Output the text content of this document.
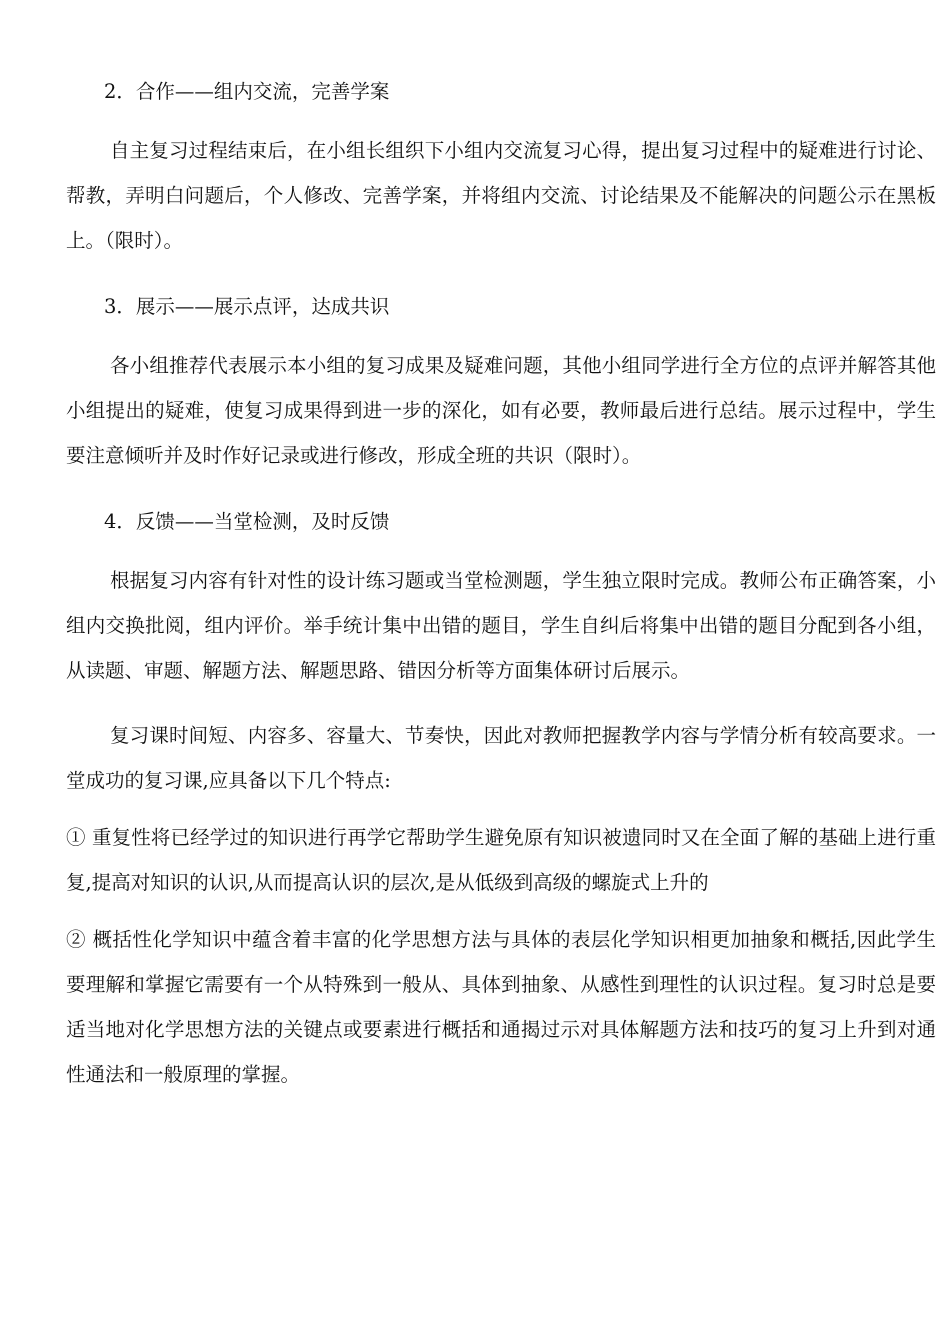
2．合作——组内交流，完善学案

自主复习过程结束后，在小组长组织下小组内交流复习心得，提出复习过程中的疑难进行讨论、帮教，弄明白问题后，个人修改、完善学案，并将组内交流、讨论结果及不能解决的问题公示在黑板上。（限时）。

3．展示——展示点评，达成共识

各小组推荐代表展示本小组的复习成果及疑难问题，其他小组同学进行全方位的点评并解答其他小组提出的疑难，使复习成果得到进一步的深化，如有必要，教师最后进行总结。展示过程中，学生要注意倾听并及时作好记录或进行修改，形成全班的共识（限时）。

4．反馈——当堂检测，及时反馈

根据复习内容有针对性的设计练习题或当堂检测题，学生独立限时完成。教师公布正确答案，小组内交换批阅，组内评价。举手统计集中出错的题目，学生自纠后将集中出错的题目分配到各小组，从读题、审题、解题方法、解题思路、错因分析等方面集体研讨后展示。

复习课时间短、内容多、容量大、节奏快，因此对教师把握教学内容与学情分析有较高要求。一堂成功的复习课,应具备以下几个特点:

① 重复性将已经学过的知识进行再学它帮助学生避免原有知识被遗同时又在全面了解的基础上进行重复,提高对知识的认识,从而提高认识的层次,是从低级到高级的螺旋式上升的

② 概括性化学知识中蕴含着丰富的化学思想方法与具体的表层化学知识相更加抽象和概括,因此学生要理解和掌握它需要有一个从特殊到一般从、具体到抽象、从感性到理性的认识过程。复习时总是要适当地对化学思想方法的关键点或要素进行概括和通揭过示对具体解题方法和技巧的复习上升到对通性通法和一般原理的掌握。
